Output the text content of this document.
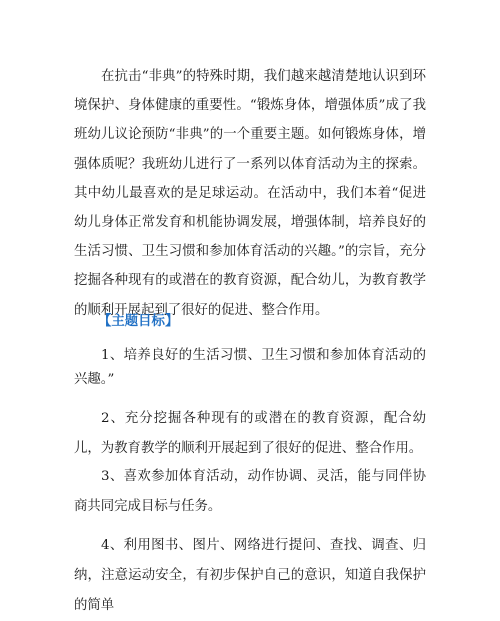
在抗击“非典”的特殊时期，我们越来越清楚地认识到环境保护、身体健康的重要性。“锻炼身体，增强体质”成了我班幼儿议论预防“非典”的一个重要主题。如何锻炼身体，增强体质呢？我班幼儿进行了一系列以体育活动为主的探索。其中幼儿最喜欢的是足球运动。在活动中，我们本着“促进幼儿身体正常发育和机能协调发展，增强体制，培养良好的生活习惯、卫生习惯和参加体育活动的兴趣。”的宗旨，充分挖掘各种现有的或潜在的教育资源，配合幼儿，为教育教学的顺利开展起到了很好的促进、整合作用。

【主题目标】

1、培养良好的生活习惯、卫生习惯和参加体育活动的兴趣。”

2、充分挖掘各种现有的或潜在的教育资源，配合幼儿，为教育教学的顺利开展起到了很好的促进、整合作用。

3、喜欢参加体育活动，动作协调、灵活，能与同伴协商共同完成目标与任务。

4、利用图书、图片、网络进行提问、查找、调查、归纳，注意运动安全，有初步保护自己的意识，知道自我保护的简单
